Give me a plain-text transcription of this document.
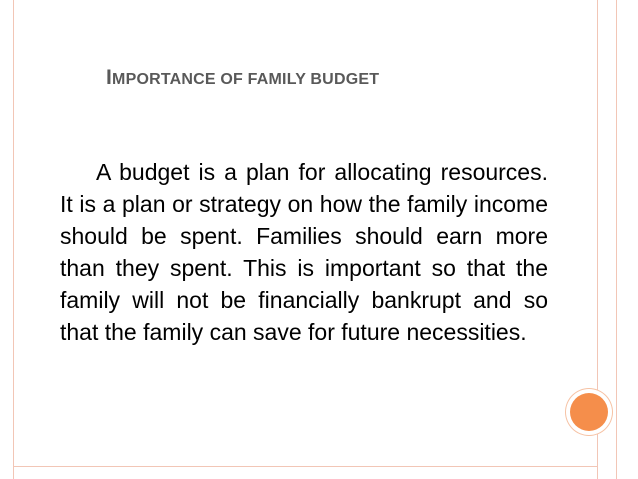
IMPORTANCE OF FAMILY BUDGET
A budget is a plan for allocating resources. It is a plan or strategy on how the family income should be spent. Families should earn more than they spent. This is important so that the family will not be financially bankrupt and so that the family can save for future necessities.
